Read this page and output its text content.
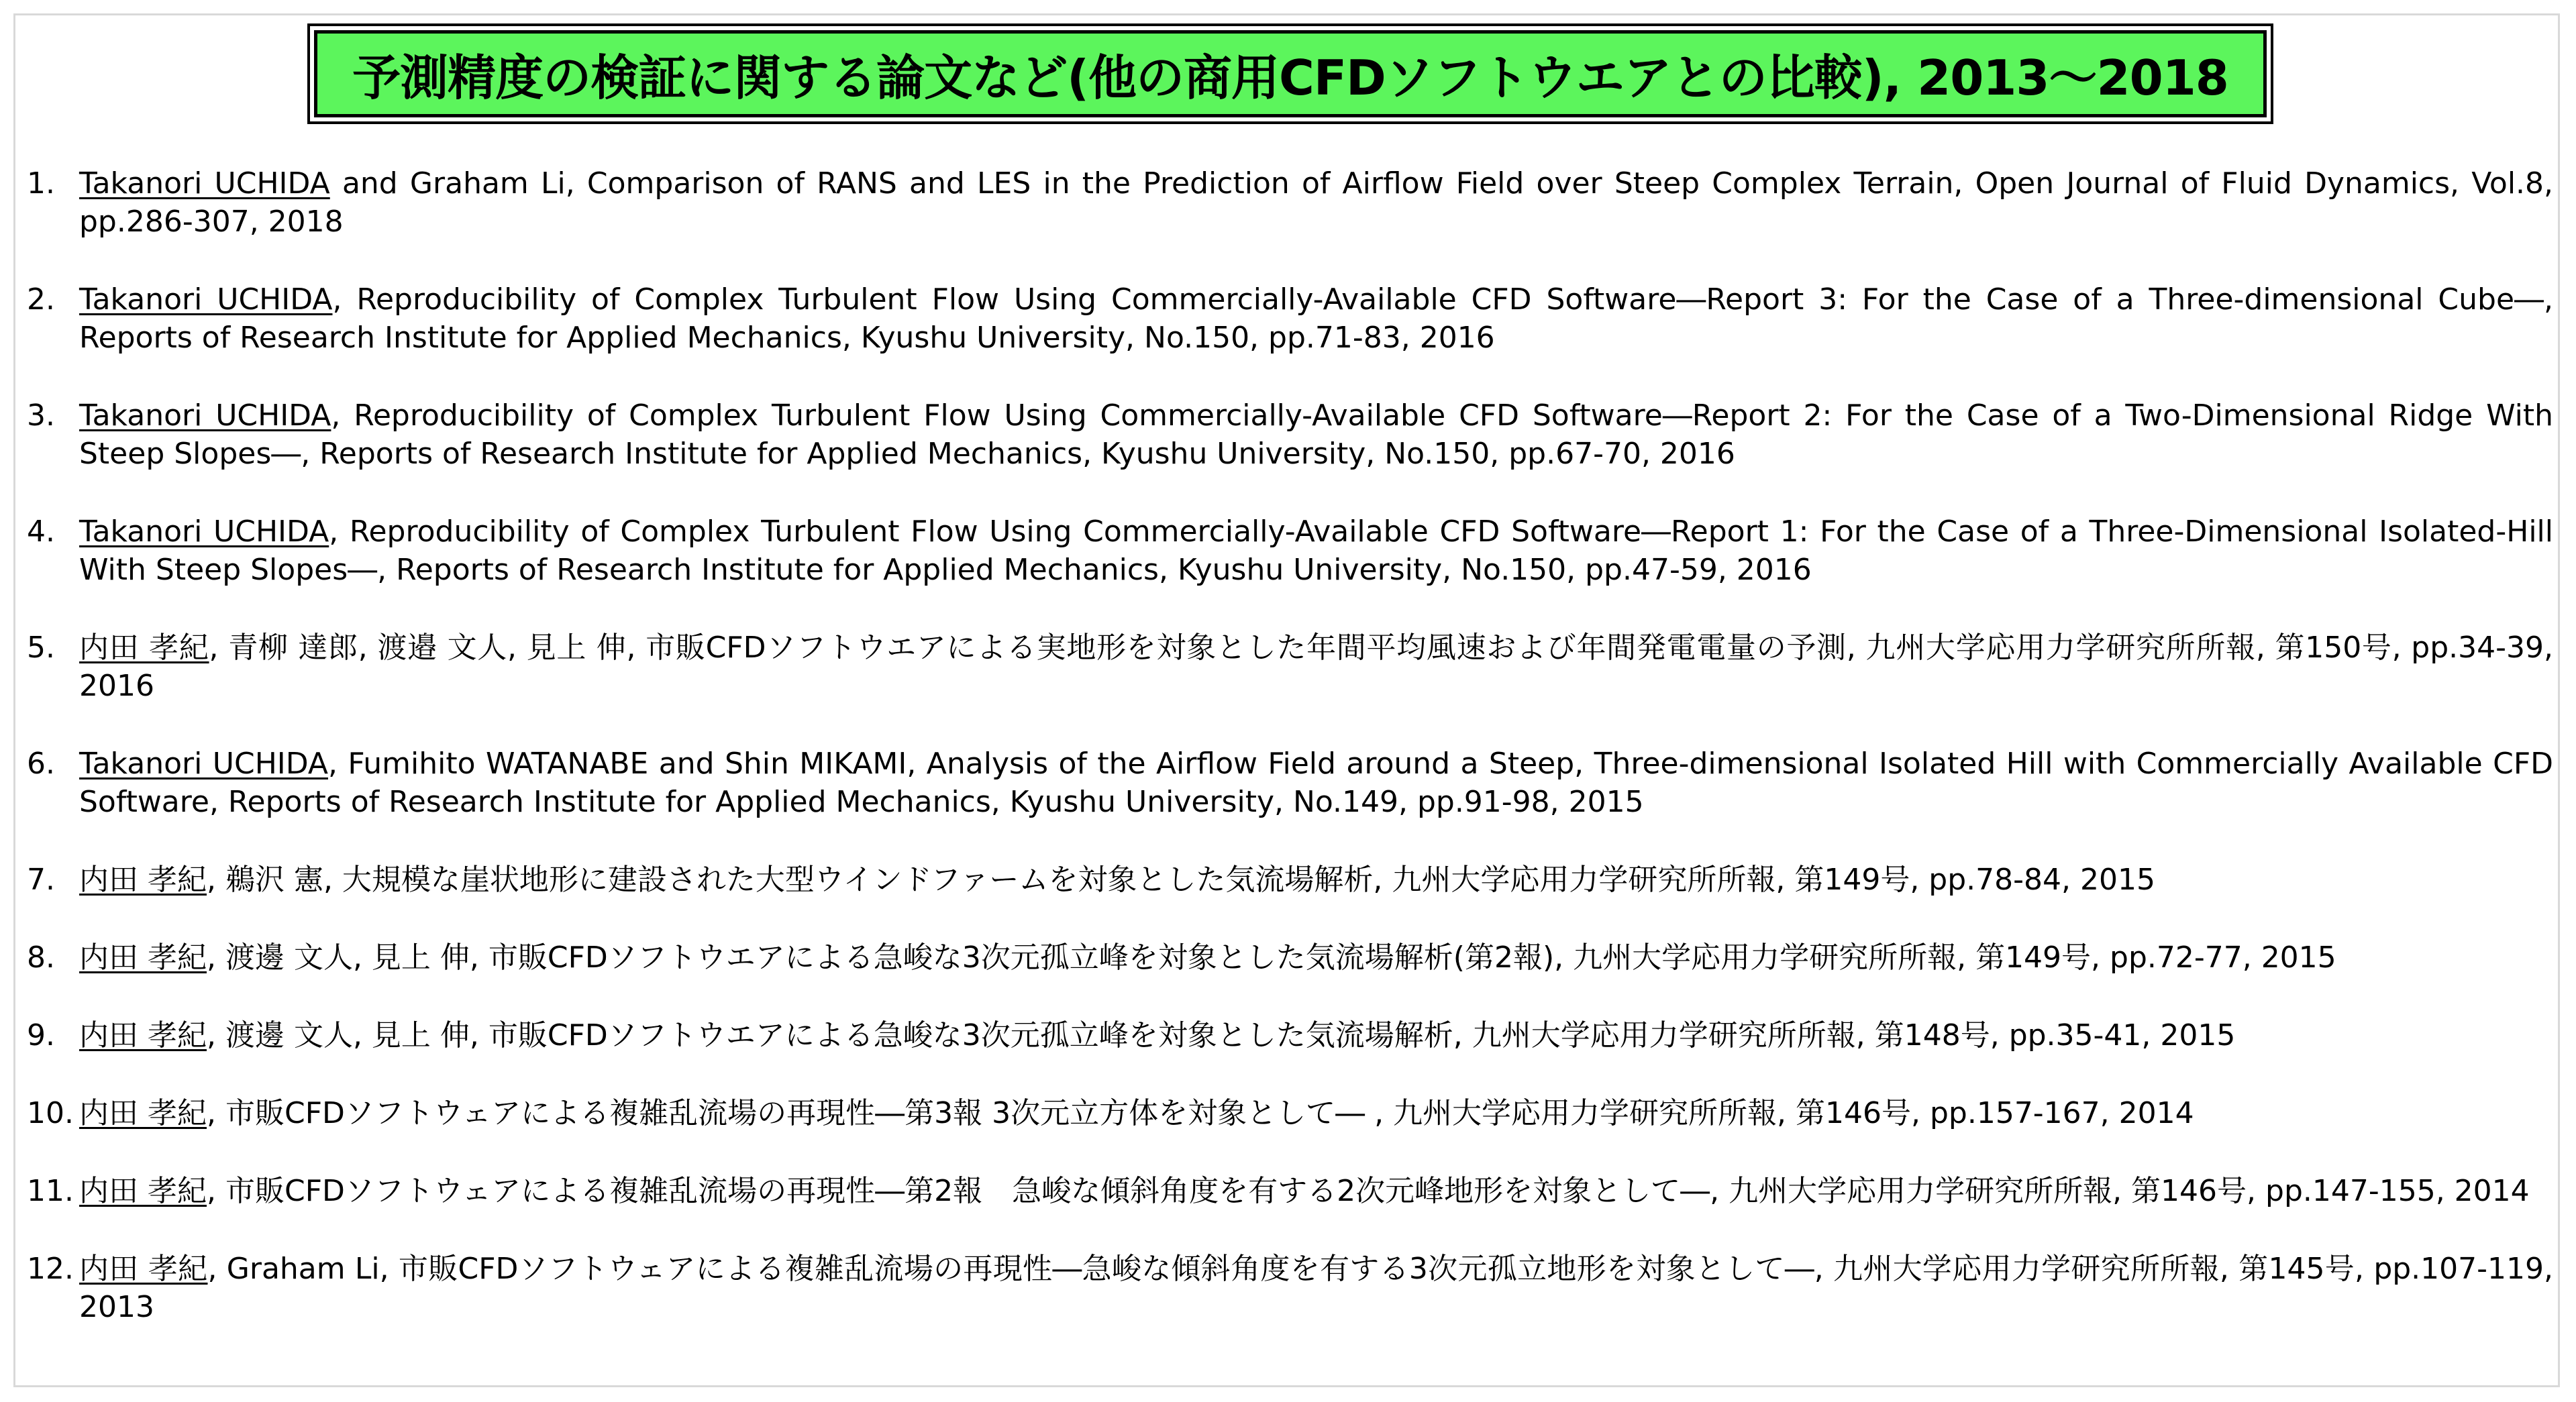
予測精度の検証に関する論文など(他の商用CFDソフトウエアとの比較), 2013～2018
1. Takanori UCHIDA and Graham Li, Comparison of RANS and LES in the Prediction of Airflow Field over Steep Complex Terrain, Open Journal of Fluid Dynamics, Vol.8, pp.286-307, 2018
2. Takanori UCHIDA, Reproducibility of Complex Turbulent Flow Using Commercially-Available CFD Software―Report 3: For the Case of a Three-dimensional Cube―, Reports of Research Institute for Applied Mechanics, Kyushu University, No.150, pp.71-83, 2016
3. Takanori UCHIDA, Reproducibility of Complex Turbulent Flow Using Commercially-Available CFD Software―Report 2: For the Case of a Two-Dimensional Ridge With Steep Slopes―, Reports of Research Institute for Applied Mechanics, Kyushu University, No.150, pp.67-70, 2016
4. Takanori UCHIDA, Reproducibility of Complex Turbulent Flow Using Commercially-Available CFD Software―Report 1: For the Case of a Three-Dimensional Isolated-Hill With Steep Slopes―, Reports of Research Institute for Applied Mechanics, Kyushu University, No.150, pp.47-59, 2016
5. 内田 孝紀, 青柳 達郎, 渡邉 文人, 見上 伸, 市販CFDソフトウエアによる実地形を対象とした年間平均風速および年間発電電量の予測, 九州大学応用力学研究所所報, 第150号, pp.34-39, 2016
6. Takanori UCHIDA, Fumihito WATANABE and Shin MIKAMI, Analysis of the Airflow Field around a Steep, Three-dimensional Isolated Hill with Commercially Available CFD Software, Reports of Research Institute for Applied Mechanics, Kyushu University, No.149, pp.91-98, 2015
7. 内田 孝紀, 鵜沢 憲, 大規模な崖状地形に建設された大型ウインドファームを対象とした気流場解析, 九州大学応用力学研究所所報, 第149号, pp.78-84, 2015
8. 内田 孝紀, 渡邊 文人, 見上 伸, 市販CFDソフトウエアによる急峻な3次元孤立峰を対象とした気流場解析(第2報), 九州大学応用力学研究所所報, 第149号, pp.72-77, 2015
9. 内田 孝紀, 渡邊 文人, 見上 伸, 市販CFDソフトウエアによる急峻な3次元孤立峰を対象とした気流場解析, 九州大学応用力学研究所所報, 第148号, pp.35-41, 2015
10. 内田 孝紀, 市販CFDソフトウェアによる複雑乱流場の再現性―第3報 3次元立方体を対象として― , 九州大学応用力学研究所所報, 第146号, pp.157-167, 2014
11. 内田 孝紀, 市販CFDソフトウェアによる複雑乱流場の再現性―第2報　急峻な傾斜角度を有する2次元峰地形を対象として―, 九州大学応用力学研究所所報, 第146号, pp.147-155, 2014
12. 内田 孝紀, Graham Li, 市販CFDソフトウェアによる複雑乱流場の再現性―急峻な傾斜角度を有する3次元孤立地形を対象として―, 九州大学応用力学研究所所報, 第145号, pp.107-119, 2013
